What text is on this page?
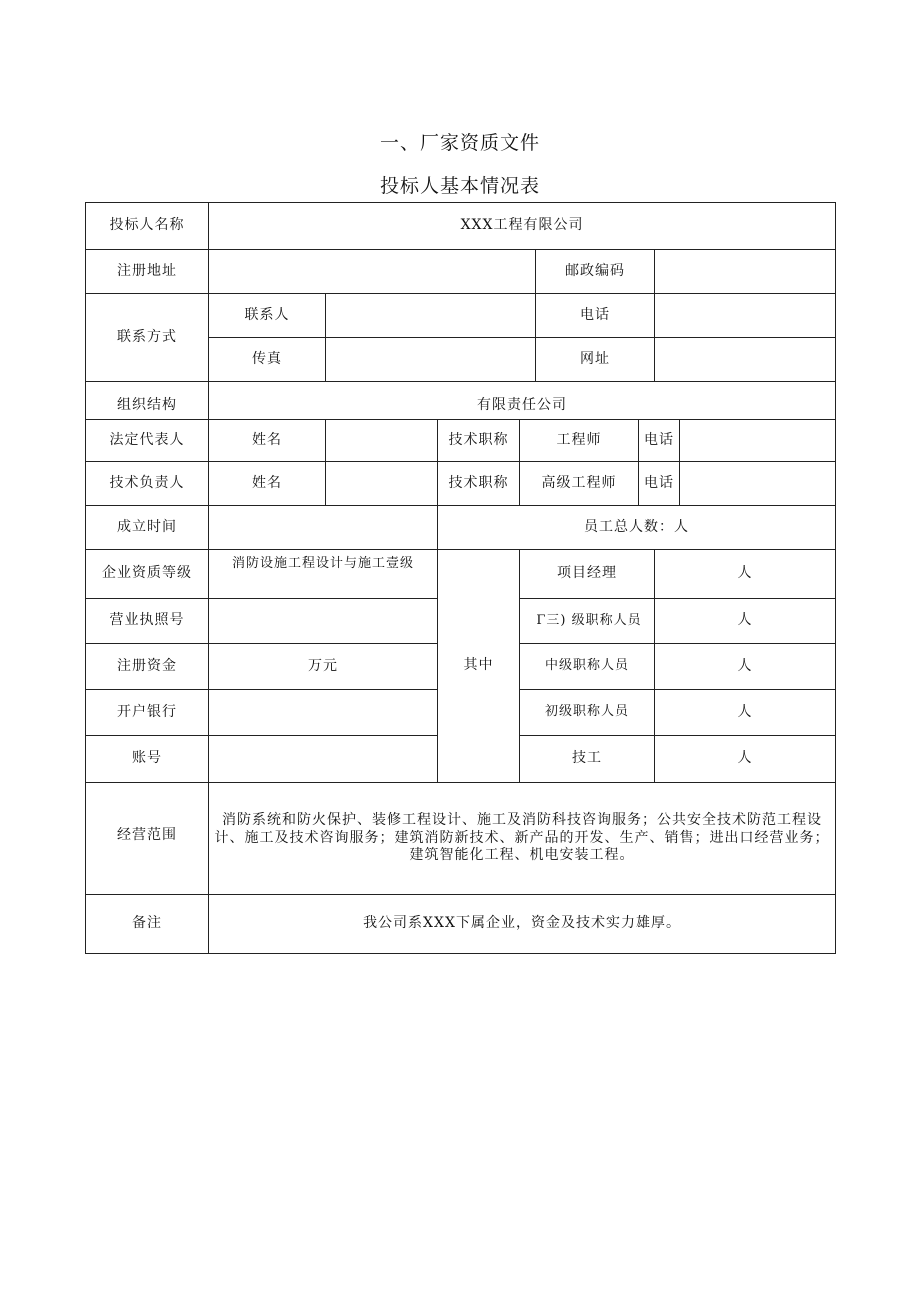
一、厂家资质文件
投标人基本情况表
投标人名称	XXX工程有限公司							
注册地址					邮政编码			
联系方式	联系人				电话			
	传真				网址			
组织结构	有限责任公司							
法定代表人	姓名		技术职称	工程师		电话		
技术负责人	姓名		技术职称	高级工程师		电话		
成立时间			员工总人数：人					
企业资质等级	消防设施工程设计与施工壹级		其中	项目经理			人	
营业执照号				Γ三) 级职称人员			人	
注册资金	万元			中级职称人员			人	
开户银行				初级职称人员			人	
账号				技工			人	
经营范围	消防系统和防火保护、装修工程设计、施工及消防科技咨询服务；公共安全技术防范工程设计、施工及技术咨询服务；建筑消防新技术、新产品的开发、生产、销售；进出口经营业务；建筑智能化工程、机电安装工程。							
备注	我公司系XXX下属企业，资金及技术实力雄厚。							
